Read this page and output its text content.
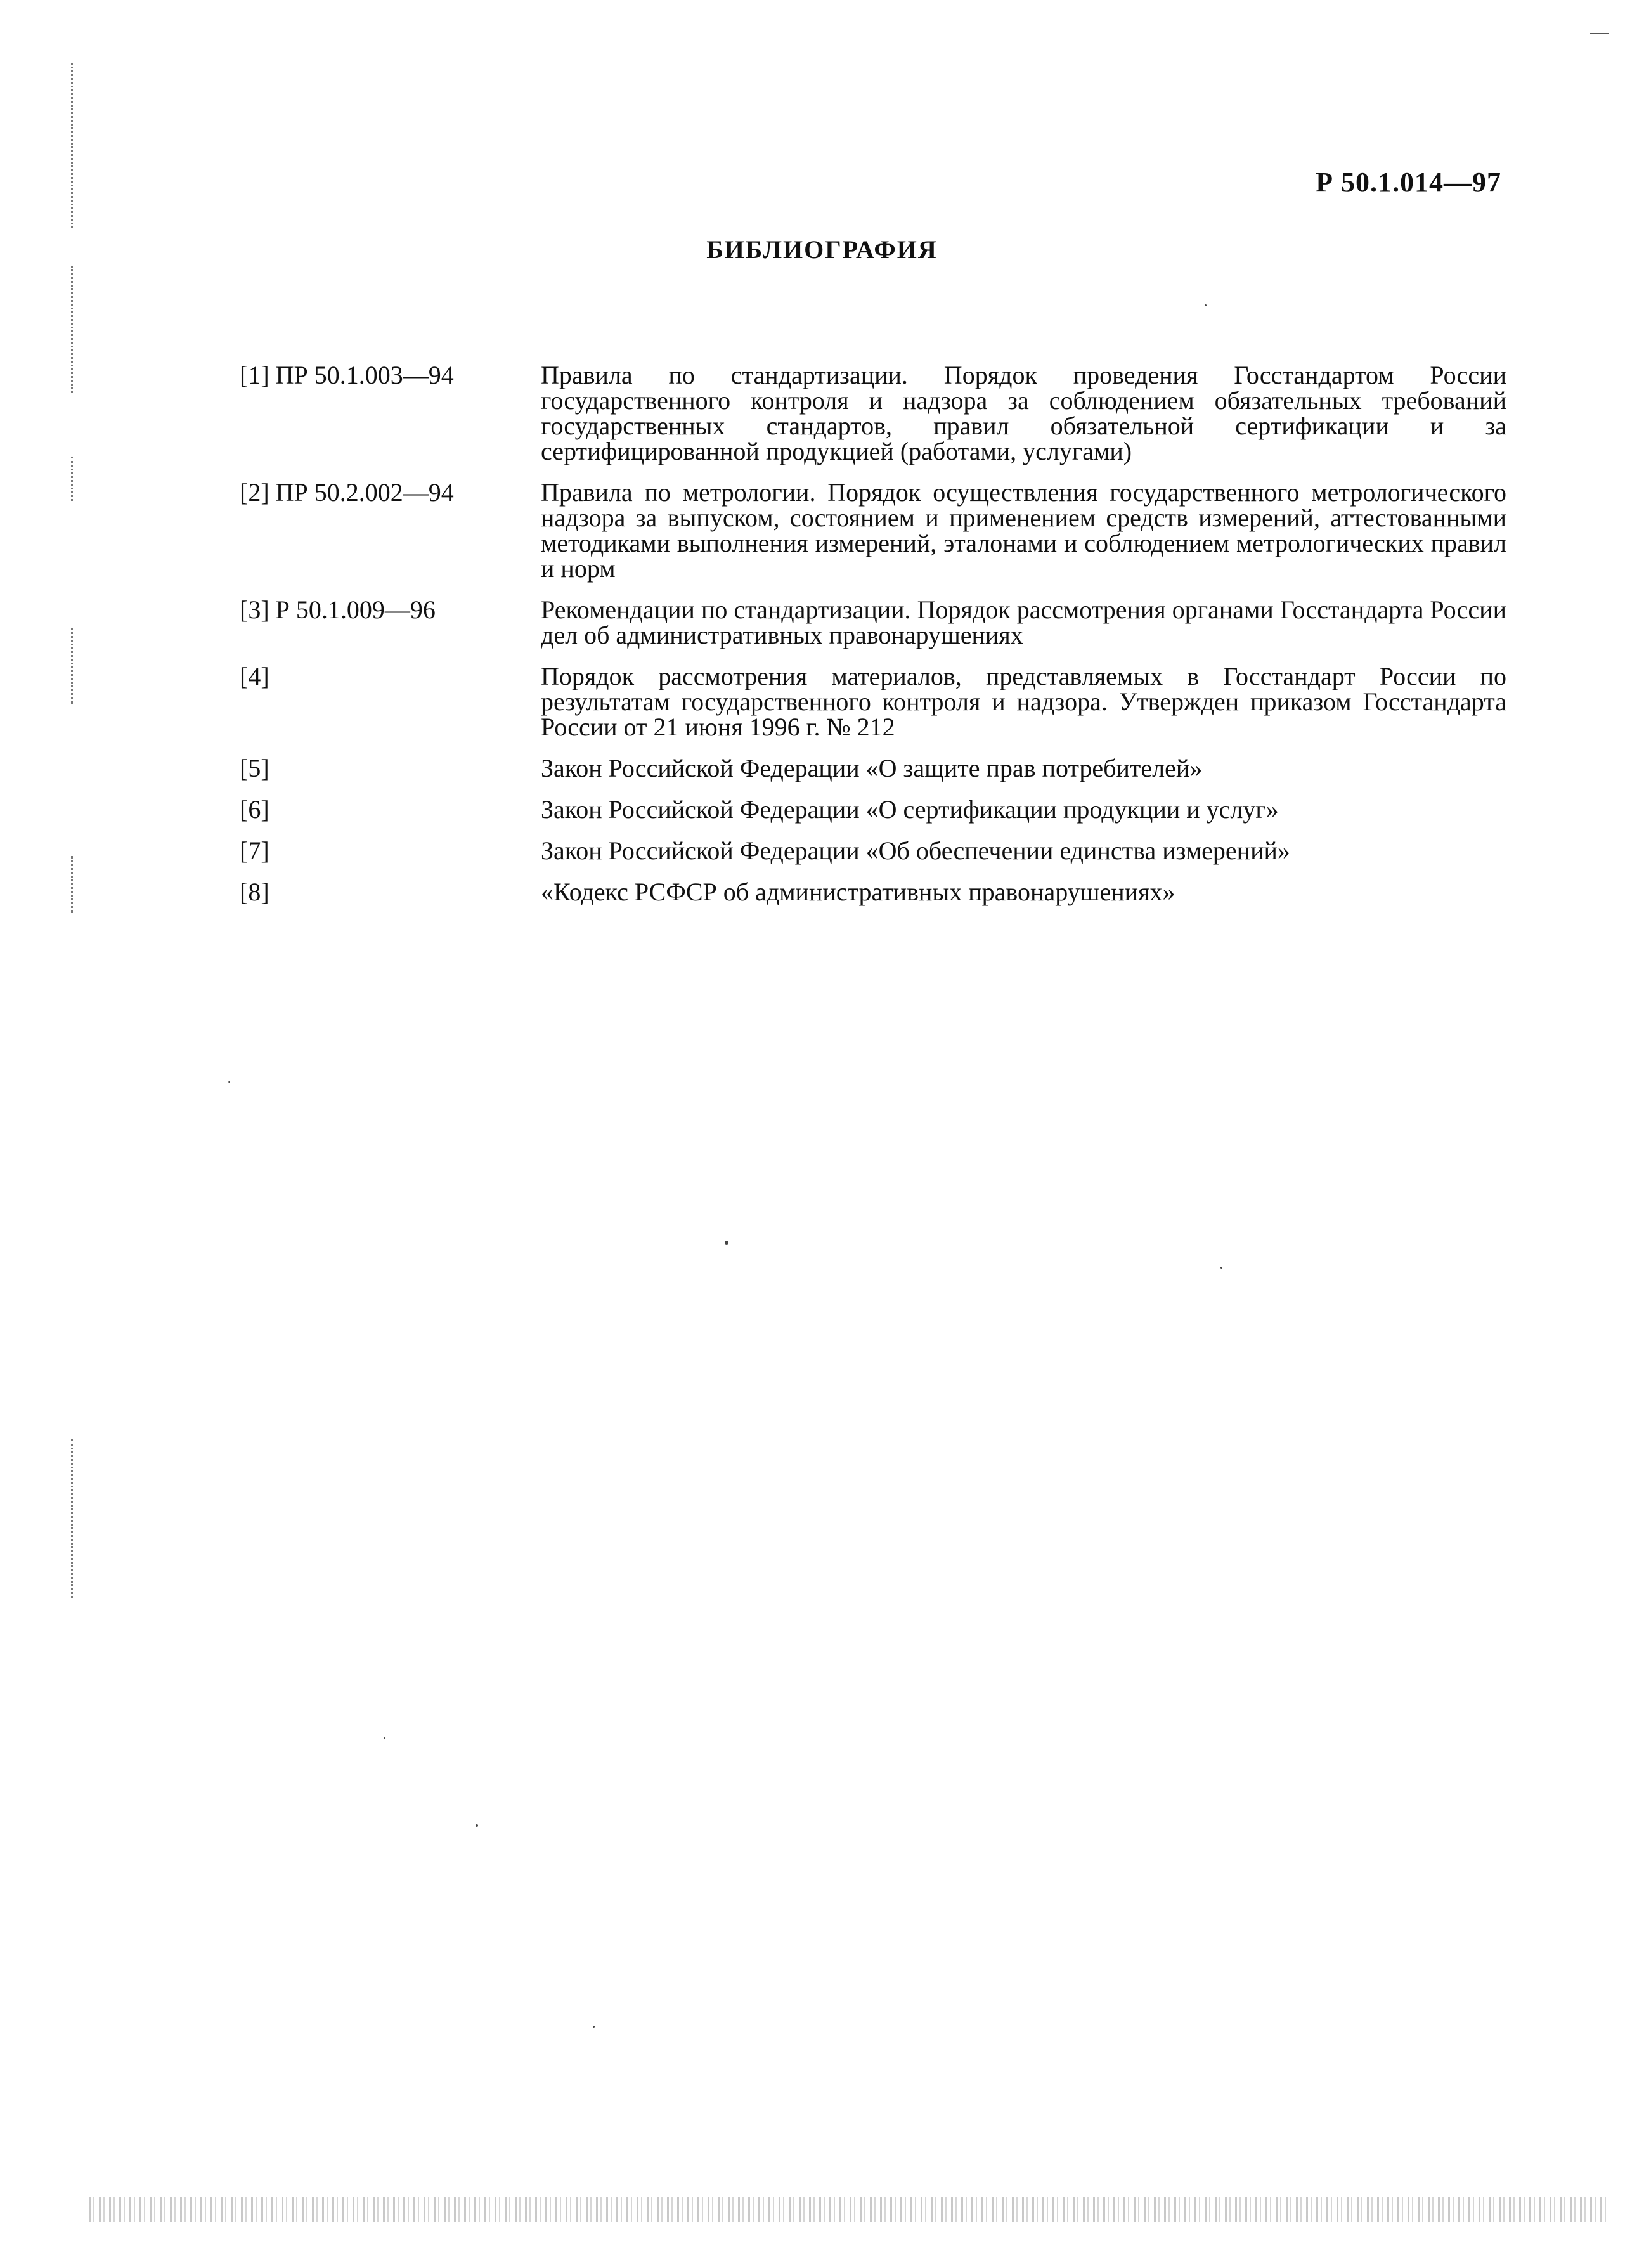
Р 50.1.014—97
БИБЛИОГРАФИЯ
[1] ПР 50.1.003—94	Правила по стандартизации. Порядок проведения Госстандартом России государственного контроля и надзора за соблюдением обязательных требований государственных стандартов, правил обязательной сертификации и за сертифицированной продукцией (работами, услугами)
[2] ПР 50.2.002—94	Правила по метрологии. Порядок осуществления государственного метрологического надзора за выпуском, состоянием и применением средств измерений, аттестованными методиками выполнения измерений, эталонами и соблюдением метрологических правил и норм
[3] Р 50.1.009—96	Рекомендации по стандартизации. Порядок рассмотрения органами Госстандарта России дел об административных правонарушениях
[4]	Порядок рассмотрения материалов, представляемых в Госстандарт России по результатам государственного контроля и надзора. Утвержден приказом Госстандарта России от 21 июня 1996 г. № 212
[5]	Закон Российской Федерации «О защите прав потребителей»
[6]	Закон Российской Федерации «О сертификации продукции и услуг»
[7]	Закон Российской Федерации «Об обеспечении единства измерений»
[8]	«Кодекс РСФСР об административных правонарушениях»
